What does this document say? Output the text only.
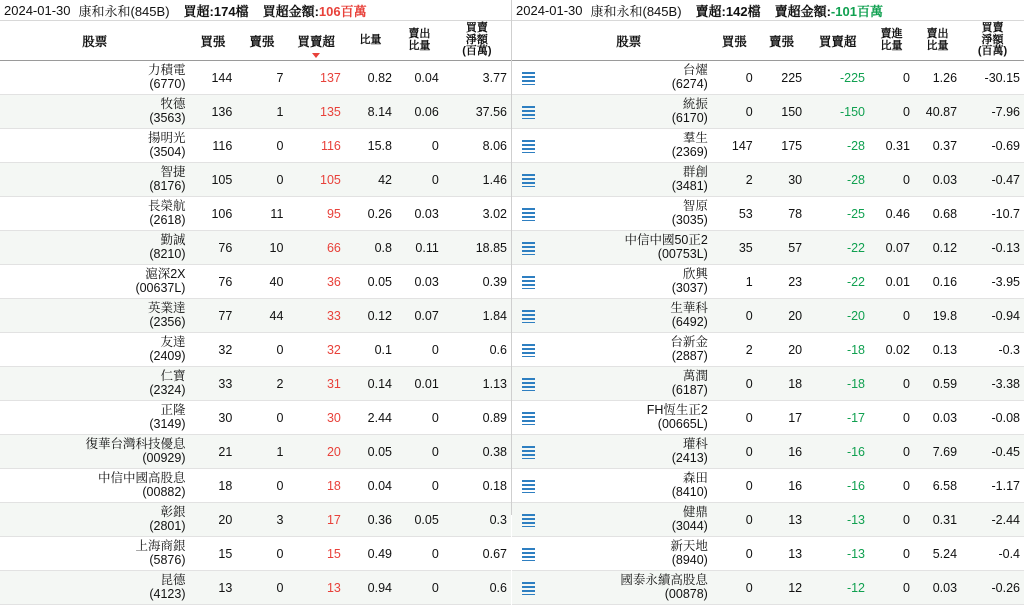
2024-01-30 康和永和(845B) 買超:174檔 買超金額:106百萬
股票	買張	賣張	買賣超	比量	賣出
比量	買賣
淨額
(百萬)

力積電
(6770)	144	7	137	0.82	0.04	3.77

牧德
(3563)	136	1	135	8.14	0.06	37.56

揚明光
(3504)	116	0	116	15.8	0	8.06

智捷
(8176)	105	0	105	42	0	1.46

長榮航
(2618)	106	11	95	0.26	0.03	3.02

勤誠
(8210)	76	10	66	0.8	0.11	18.85

滬深2X
(00637L)	76	40	36	0.05	0.03	0.39

英業達
(2356)	77	44	33	0.12	0.07	1.84

友達
(2409)	32	0	32	0.1	0	0.6

仁寶
(2324)	33	2	31	0.14	0.01	1.13

正隆
(3149)	30	0	30	2.44	0	0.89

復華台灣科技優息
(00929)	21	1	20	0.05	0	0.38

中信中國高股息
(00882)	18	0	18	0.04	0	0.18

彰銀
(2801)	20	3	17	0.36	0.05	0.3

上海商銀
(5876)	15	0	15	0.49	0	0.67

昆德
(4123)	13	0	13	0.94	0	0.6
2024-01-30 康和永和(845B) 賣超:142檔 賣超金額:-101百萬
	股票	買張	賣張	買賣超	賣進
比量	賣出
比量	買賣
淨額
(百萬)

	台燿
(6274)	0	225	-225	0	1.26	-30.15

	統振
(6170)	0	150	-150	0	40.87	-7.96

	羣生
(2369)	147	175	-28	0.31	0.37	-0.69

	群創
(3481)	2	30	-28	0	0.03	-0.47

	智原
(3035)	53	78	-25	0.46	0.68	-10.7

	中信中國50正2
(00753L)	35	57	-22	0.07	0.12	-0.13

	欣興
(3037)	1	23	-22	0.01	0.16	-3.95

	生華科
(6492)	0	20	-20	0	19.8	-0.94

	台新金
(2887)	2	20	-18	0.02	0.13	-0.3

	萬潤
(6187)	0	18	-18	0	0.59	-3.38

	FH恆生正2
(00665L)	0	17	-17	0	0.03	-0.08

	瓘科
(2413)	0	16	-16	0	7.69	-0.45

	森田
(8410)	0	16	-16	0	6.58	-1.17

	健鼎
(3044)	0	13	-13	0	0.31	-2.44

	新天地
(8940)	0	13	-13	0	5.24	-0.4

	國泰永續高股息
(00878)	0	12	-12	0	0.03	-0.26
